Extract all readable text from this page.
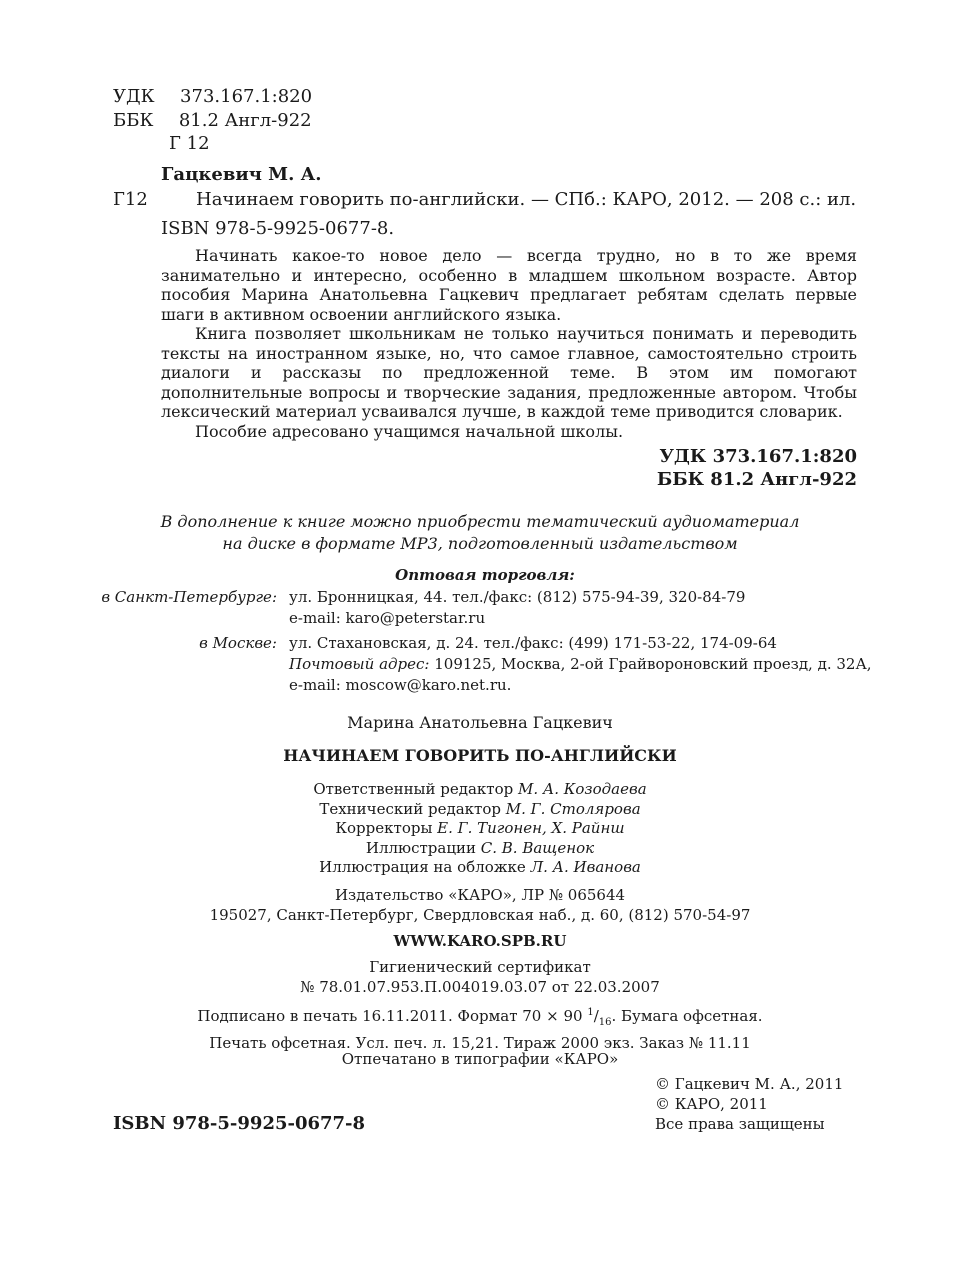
УДК 373.167.1:820
ББК 81.2 Англ-922
Г 12
Гацкевич М. А.
Г12	Начинаем говорить по-английски. — СПб.: КАРО, 2012. — 208 с.: ил.
ISBN 978-5-9925-0677-8.

Начинать какое-то новое дело — всегда трудно, но в то же время занимательно и интересно, особенно в младшем школьном возрасте. Автор пособия Марина Анатольевна Гацкевич предлагает ребятам сделать первые шаги в активном освоении английского языка.

Книга позволяет школьникам не только научиться понимать и переводить тексты на иностранном языке, но, что самое главное, самостоятельно строить диалоги и рассказы по предложенной теме. В этом им помогают дополнительные вопросы и творческие задания, предложенные автором. Чтобы лексический материал усваивался лучше, в каждой теме приводится словарик.

Пособие адресовано учащимся начальной школы.

УДК 373.167.1:820
ББК 81.2 Англ-922
В дополнение к книге можно приобрести тематический аудиоматериал
на диске в формате MP3, подготовленный издательством
Оптовая торговля:
в Санкт-Петербурге: ул. Бронницкая, 44. тел./факс: (812) 575-94-39, 320-84-79
e-mail: karo@peterstar.ru
в Москве: ул. Стахановская, д. 24. тел./факс: (499) 171-53-22, 174-09-64
Почтовый адрес: 109125, Москва, 2-ой Грайвороновский проезд, д. 32А,
e-mail: moscow@karo.net.ru.
Марина Анатольевна Гацкевич
НАЧИНАЕМ ГОВОРИТЬ ПО-АНГЛИЙСКИ
Ответственный редактор М. А. Козодаева
Технический редактор М. Г. Столярова
Корректоры Е. Г. Тигонен, Х. Райнш
Иллюстрации С. В. Ващенок
Иллюстрация на обложке Л. А. Иванова
Издательство «КАРО», ЛР № 065644
195027, Санкт-Петербург, Свердловская наб., д. 60, (812) 570-54-97
WWW.KARO.SPB.RU
Гигиенический сертификат
№ 78.01.07.953.П.004019.03.07 от 22.03.2007
Подписано в печать 16.11.2011. Формат 70 × 90 $^1/_{16}$. Бумага офсетная.
Печать офсетная. Усл. печ. л. 15,21. Тираж 2000 экз. Заказ № 11.11
Отпечатано в типографии «КАРО»
© Гацкевич М. А., 2011
© КАРО, 2011
Все права защищены
ISBN 978-5-9925-0677-8
